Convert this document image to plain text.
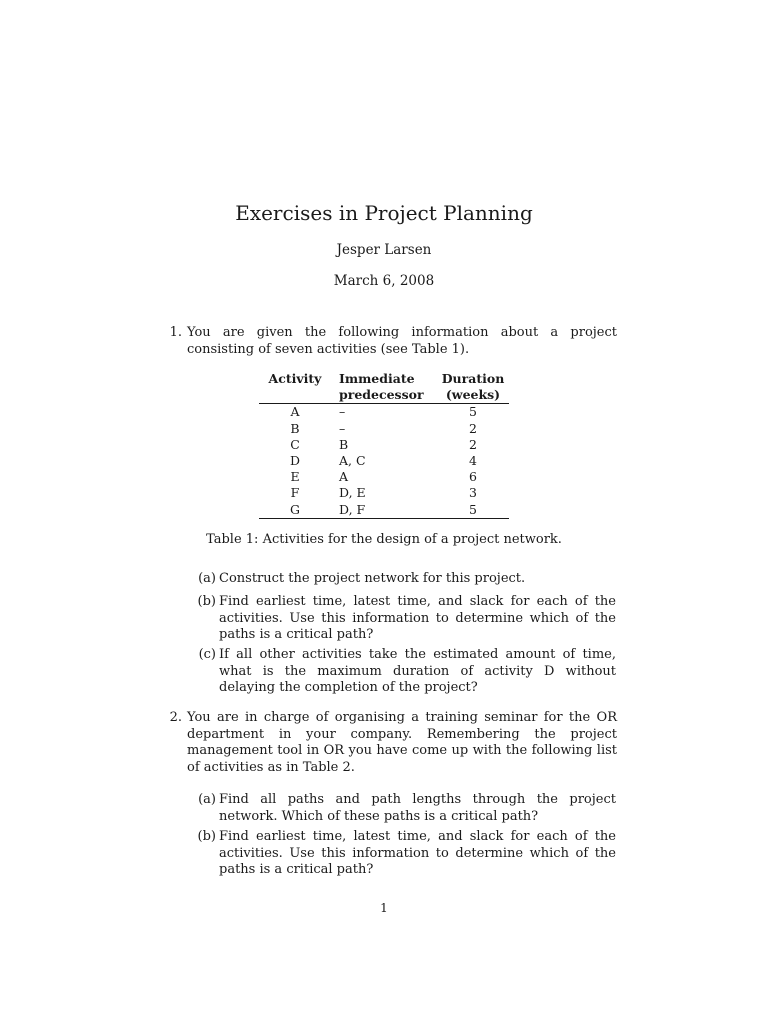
Exercises in Project Planning
Jesper Larsen
March 6, 2008
1. You are given the following information about a project consisting of seven activities (see Table 1).
Activity	Immediate	Duration
	predecessor	(weeks)
A	–	5
B	–	2
C	B	2
D	A, C	4
E	A	6
F	D, E	3
G	D, F	5
Table 1: Activities for the design of a project network.
(a) Construct the project network for this project.
(b) Find earliest time, latest time, and slack for each of the activities. Use this information to determine which of the paths is a critical path?
(c) If all other activities take the estimated amount of time, what is the maximum duration of activity D without delaying the completion of the project?
2. You are in charge of organising a training seminar for the OR department in your company. Remembering the project management tool in OR you have come up with the following list of activities as in Table 2.
(a) Find all paths and path lengths through the project network. Which of these paths is a critical path?
(b) Find earliest time, latest time, and slack for each of the activities. Use this information to determine which of the paths is a critical path?
1
